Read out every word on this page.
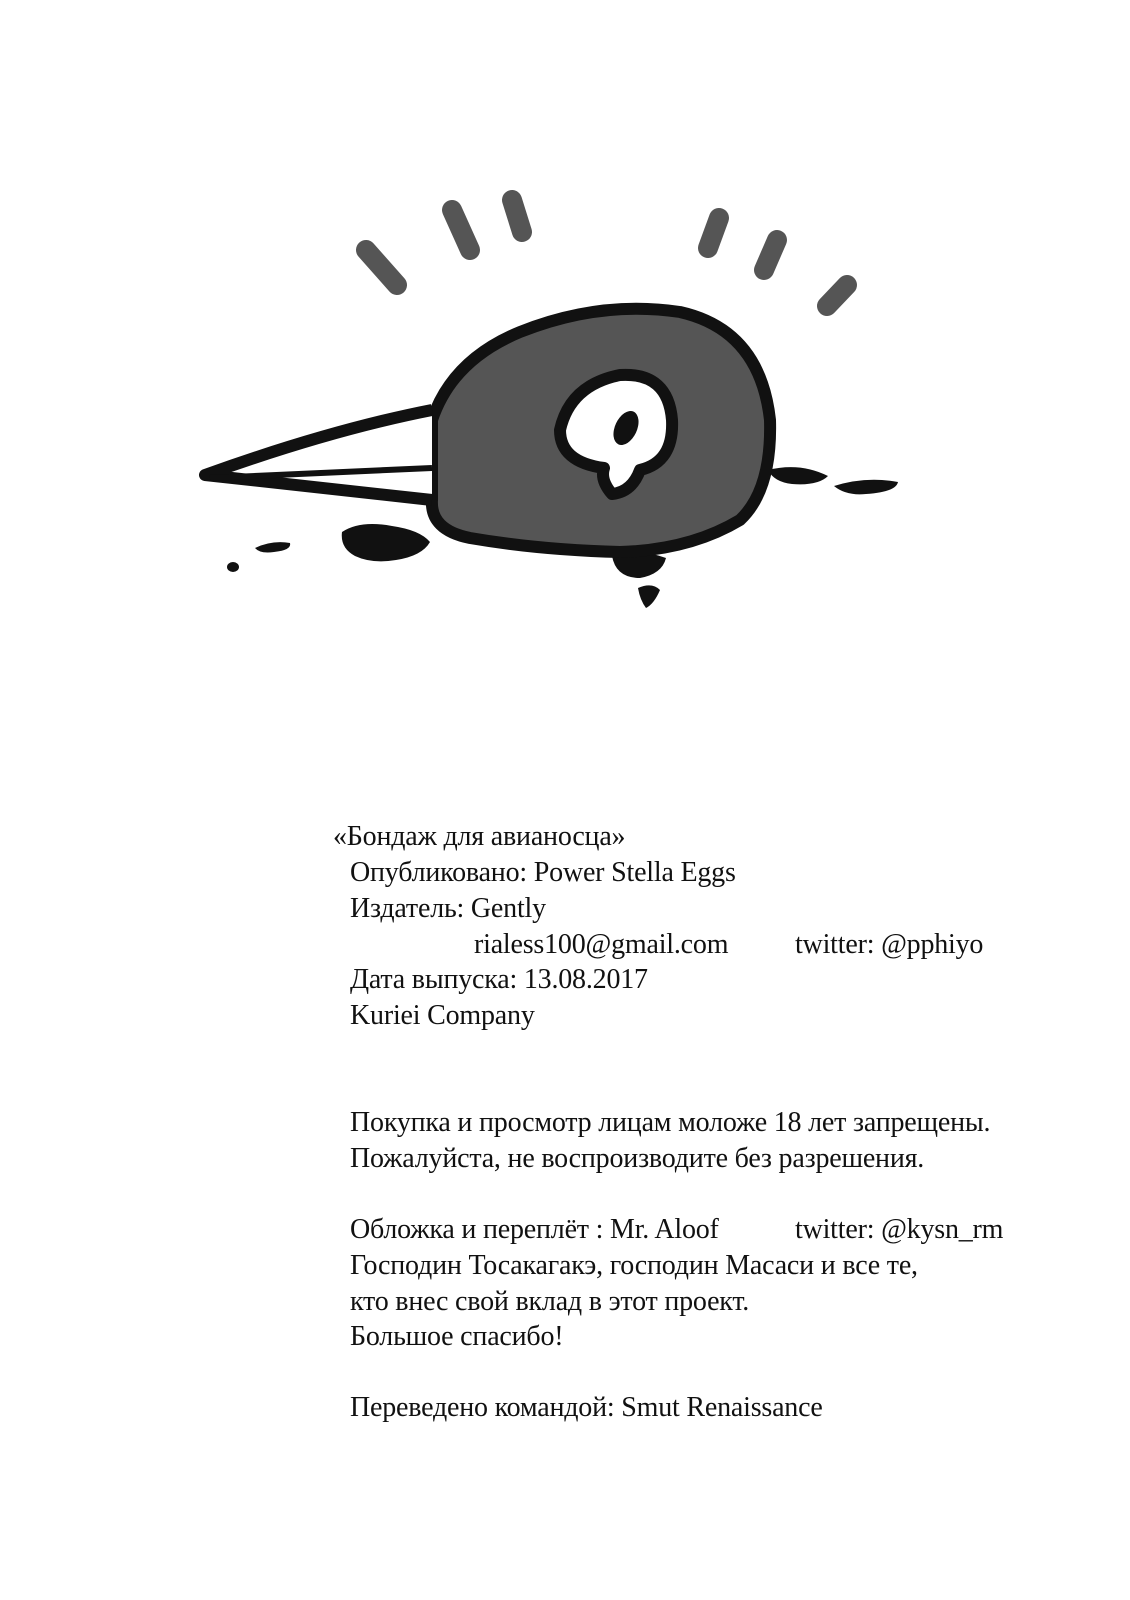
«Бондаж для авианосца»
Опубликовано: Power Stella Eggs
Издатель: Gently
rialess100@gmail.com twitter: @pphiyo
Дата выпуска: 13.08.2017
Kuriei Company
Покупка и просмотр лицам моложе 18 лет запрещены.
Пожалуйста, не воспроизводите без разрешения.
Обложка и переплёт : Mr. Aloof	twitter: @kysn_rm
Господин Тосакагакэ, господин Масаси и все те,
кто внес свой вклад в этот проект.
Большое спасибо!
Переведено командой: Smut Renaissance
